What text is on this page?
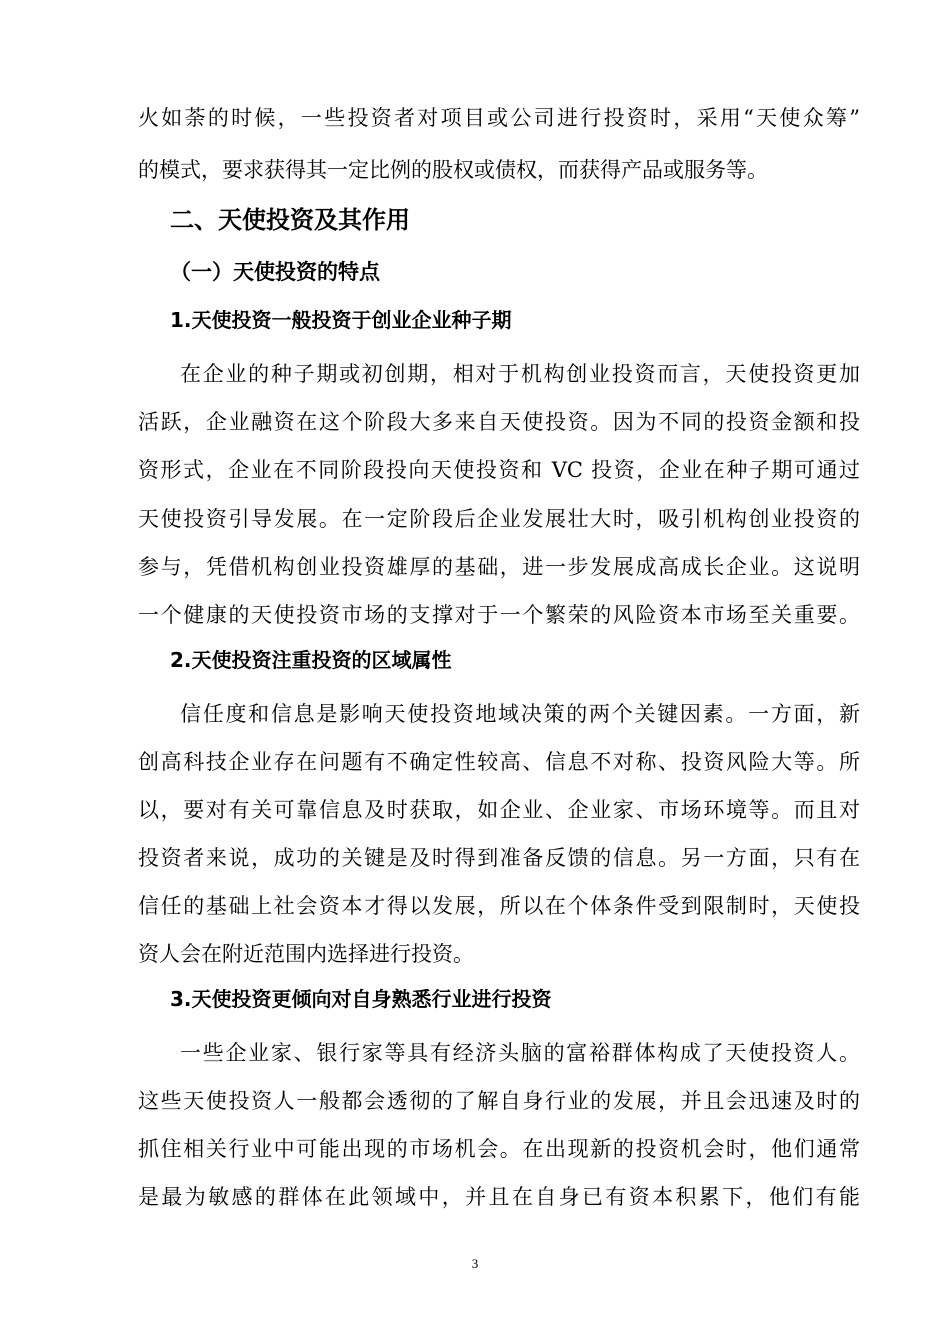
火如荼的时候，一些投资者对项目或公司进行投资时，采用“天使众筹”
的模式，要求获得其一定比例的股权或债权，而获得产品或服务等。
二、天使投资及其作用
（一）天使投资的特点
1.天使投资一般投资于创业企业种子期
在企业的种子期或初创期，相对于机构创业投资而言，天使投资更加
活跃，企业融资在这个阶段大多来自天使投资。因为不同的投资金额和投
资形式，企业在不同阶段投向天使投资和 VC 投资，企业在种子期可通过
天使投资引导发展。在一定阶段后企业发展壮大时，吸引机构创业投资的
参与，凭借机构创业投资雄厚的基础，进一步发展成高成长企业。这说明
一个健康的天使投资市场的支撑对于一个繁荣的风险资本市场至关重要。
2.天使投资注重投资的区域属性
信任度和信息是影响天使投资地域决策的两个关键因素。一方面，新
创高科技企业存在问题有不确定性较高、信息不对称、投资风险大等。所
以，要对有关可靠信息及时获取，如企业、企业家、市场环境等。而且对
投资者来说，成功的关键是及时得到准备反馈的信息。另一方面，只有在
信任的基础上社会资本才得以发展，所以在个体条件受到限制时，天使投
资人会在附近范围内选择进行投资。
3.天使投资更倾向对自身熟悉行业进行投资
一些企业家、银行家等具有经济头脑的富裕群体构成了天使投资人。
这些天使投资人一般都会透彻的了解自身行业的发展，并且会迅速及时的
抓住相关行业中可能出现的市场机会。在出现新的投资机会时，他们通常
是最为敏感的群体在此领域中，并且在自身已有资本积累下，他们有能
3
